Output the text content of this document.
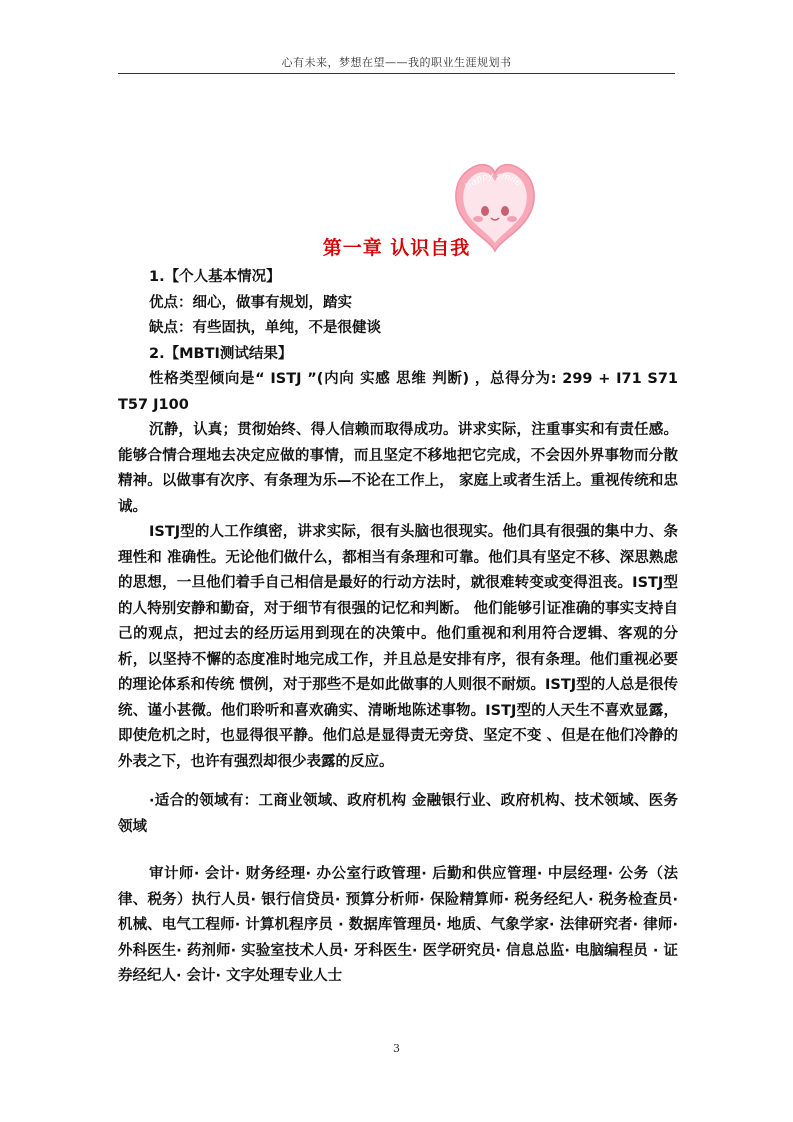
心有未来，梦想在望——我的职业生涯规划书
happy smile
第一章 认识自我

1.【个人基本情况】

优点：细心，做事有规划，踏实

缺点：有些固执，单纯，不是很健谈

2.【MBTI测试结果】

性格类型倾向是“ ISTJ ”(内向 实感 思维 判断) ，总得分为: 299 + I71 S71 T57 J100

沉静，认真；贯彻始终、得人信赖而取得成功。讲求实际，注重事实和有责任感。能够合情合理地去决定应做的事情，而且坚定不移地把它完成，不会因外界事物而分散精神。以做事有次序、有条理为乐—不论在工作上， 家庭上或者生活上。重视传统和忠诚。

ISTJ型的人工作缜密，讲求实际，很有头脑也很现实。他们具有很强的集中力、条理性和 准确性。无论他们做什么，都相当有条理和可靠。他们具有坚定不移、深思熟虑的思想，一旦他们着手自己相信是最好的行动方法时，就很难转变或变得沮丧。ISTJ型的人特别安静和勤奋，对于细节有很强的记忆和判断。 他们能够引证准确的事实支持自己的观点，把过去的经历运用到现在的决策中。他们重视和利用符合逻辑、客观的分析，以坚持不懈的态度准时地完成工作，并且总是安排有序，很有条理。他们重视必要的理论体系和传统 惯例，对于那些不是如此做事的人则很不耐烦。ISTJ型的人总是很传统、谨小甚微。他们聆听和喜欢确实、清晰地陈述事物。ISTJ型的人天生不喜欢显露，即使危机之时，也显得很平静。他们总是显得责无旁贷、坚定不变 、但是在他们冷静的外表之下，也许有强烈却很少表露的反应。

·适合的领域有：工商业领域、政府机构 金融银行业、政府机构、技术领域、医务领域

审计师· 会计· 财务经理· 办公室行政管理· 后勤和供应管理· 中层经理· 公务（法律、税务）执行人员· 银行信贷员· 预算分析师· 保险精算师· 税务经纪人· 税务检查员· 机械、电气工程师· 计算机程序员 · 数据库管理员· 地质、气象学家· 法律研究者· 律师· 外科医生· 药剂师· 实验室技术人员· 牙科医生· 医学研究员· 信息总监· 电脑编程员 · 证券经纪人· 会计· 文字处理专业人士

3
